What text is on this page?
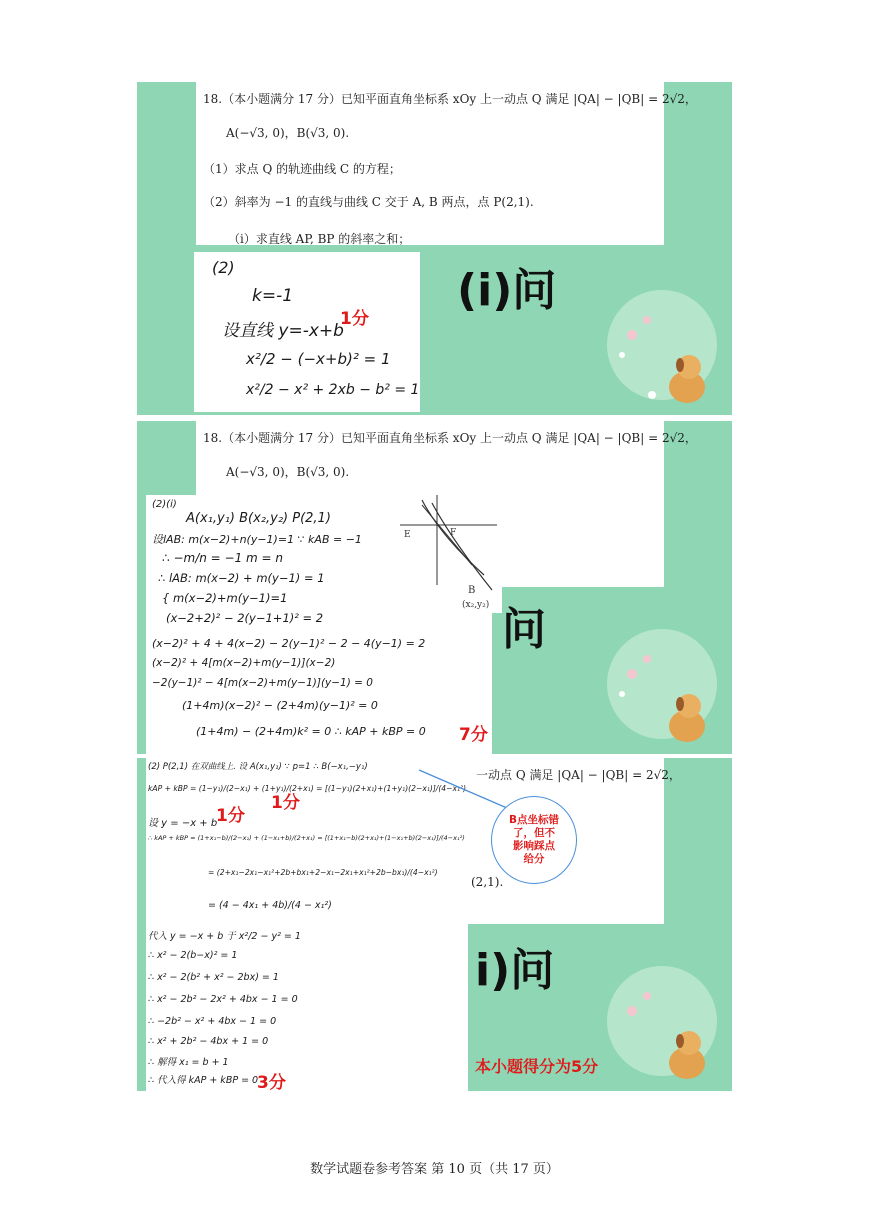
18.（本小题满分 17 分）已知平面直角坐标系 xOy 上一动点 Q 满足 |QA| − |QB| = 2√2，
A(−√3, 0)，B(√3, 0).
（1）求点 Q 的轨迹曲线 C 的方程；
（2）斜率为 −1 的直线与曲线 C 交于 A, B 两点，点 P(2,1).
（i）求直线 AP, BP 的斜率之和；
(2)
k=-1
设直线 y=-x+b
x²/2 − (−x+b)² = 1
x²/2 − x² + 2xb − b² = 1
1分
(i)问
18.（本小题满分 17 分）已知平面直角坐标系 xOy 上一动点 Q 满足 |QA| − |QB| = 2√2，
A(−√3, 0)，B(√3, 0).
(2)(i)
A(x₁,y₁) B(x₂,y₂) P(2,1)
设lAB: m(x−2)+n(y−1)=1 ∵ kAB = −1
∴ −m/n = −1 m = n
∴ lAB: m(x−2) + m(y−1) = 1
{ m(x−2)+m(y−1)=1
(x−2+2)² − 2(y−1+1)² = 2
(x−2)² + 4 + 4(x−2) − 2(y−1)² − 2 − 4(y−1) = 2
(x−2)² + 4[m(x−2)+m(y−1)](x−2)
−2(y−1)² − 4[m(x−2)+m(y−1)](y−1) = 0
(1+4m)(x−2)² − (2+4m)(y−1)² = 0
(1+4m) − (2+4m)k² = 0 ∴ kAP + kBP = 0
E	F
B
(x₂,y₂) 问
7分
一动点 Q 满足 |QA| − |QB| = 2√2，
(2,1).
(2) P(2,1) 在双曲线上. 设 A(x₁,y₁) ∵ p=1 ∴ B(−x₁,−y₁)
kAP + kBP = (1−y₁)/(2−x₁) + (1+y₁)/(2+x₁) = [(1−y₁)(2+x₁)+(1+y₁)(2−x₁)]/(4−x₁²)
设 y = −x + b
∴ kAP + kBP = (1+x₁−b)/(2−x₁) + (1−x₁+b)/(2+x₁) = [(1+x₁−b)(2+x₁)+(1−x₁+b)(2−x₁)]/(4−x₁²)
= (2+x₁−2x₁−x₁²+2b+bx₁+2−x₁−2x₁+x₁²+2b−bx₁)/(4−x₁²)
= (4 − 4x₁ + 4b)/(4 − x₁²)
代入 y = −x + b 于 x²/2 − y² = 1
∴ x² − 2(b−x)² = 1
∴ x² − 2(b² + x² − 2bx) = 1
∴ x² − 2b² − 2x² + 4bx − 1 = 0
∴ −2b² − x² + 4bx − 1 = 0
∴ x² + 2b² − 4bx + 1 = 0
∴ 解得 x₁ = b + 1
∴ 代入得 kAP + kBP = 0
1分
1分
3分
B点坐标错
了，但不
影响踩点
给分
i)问
本小题得分为5分
数学试题卷参考答案 第 10 页（共 17 页）
